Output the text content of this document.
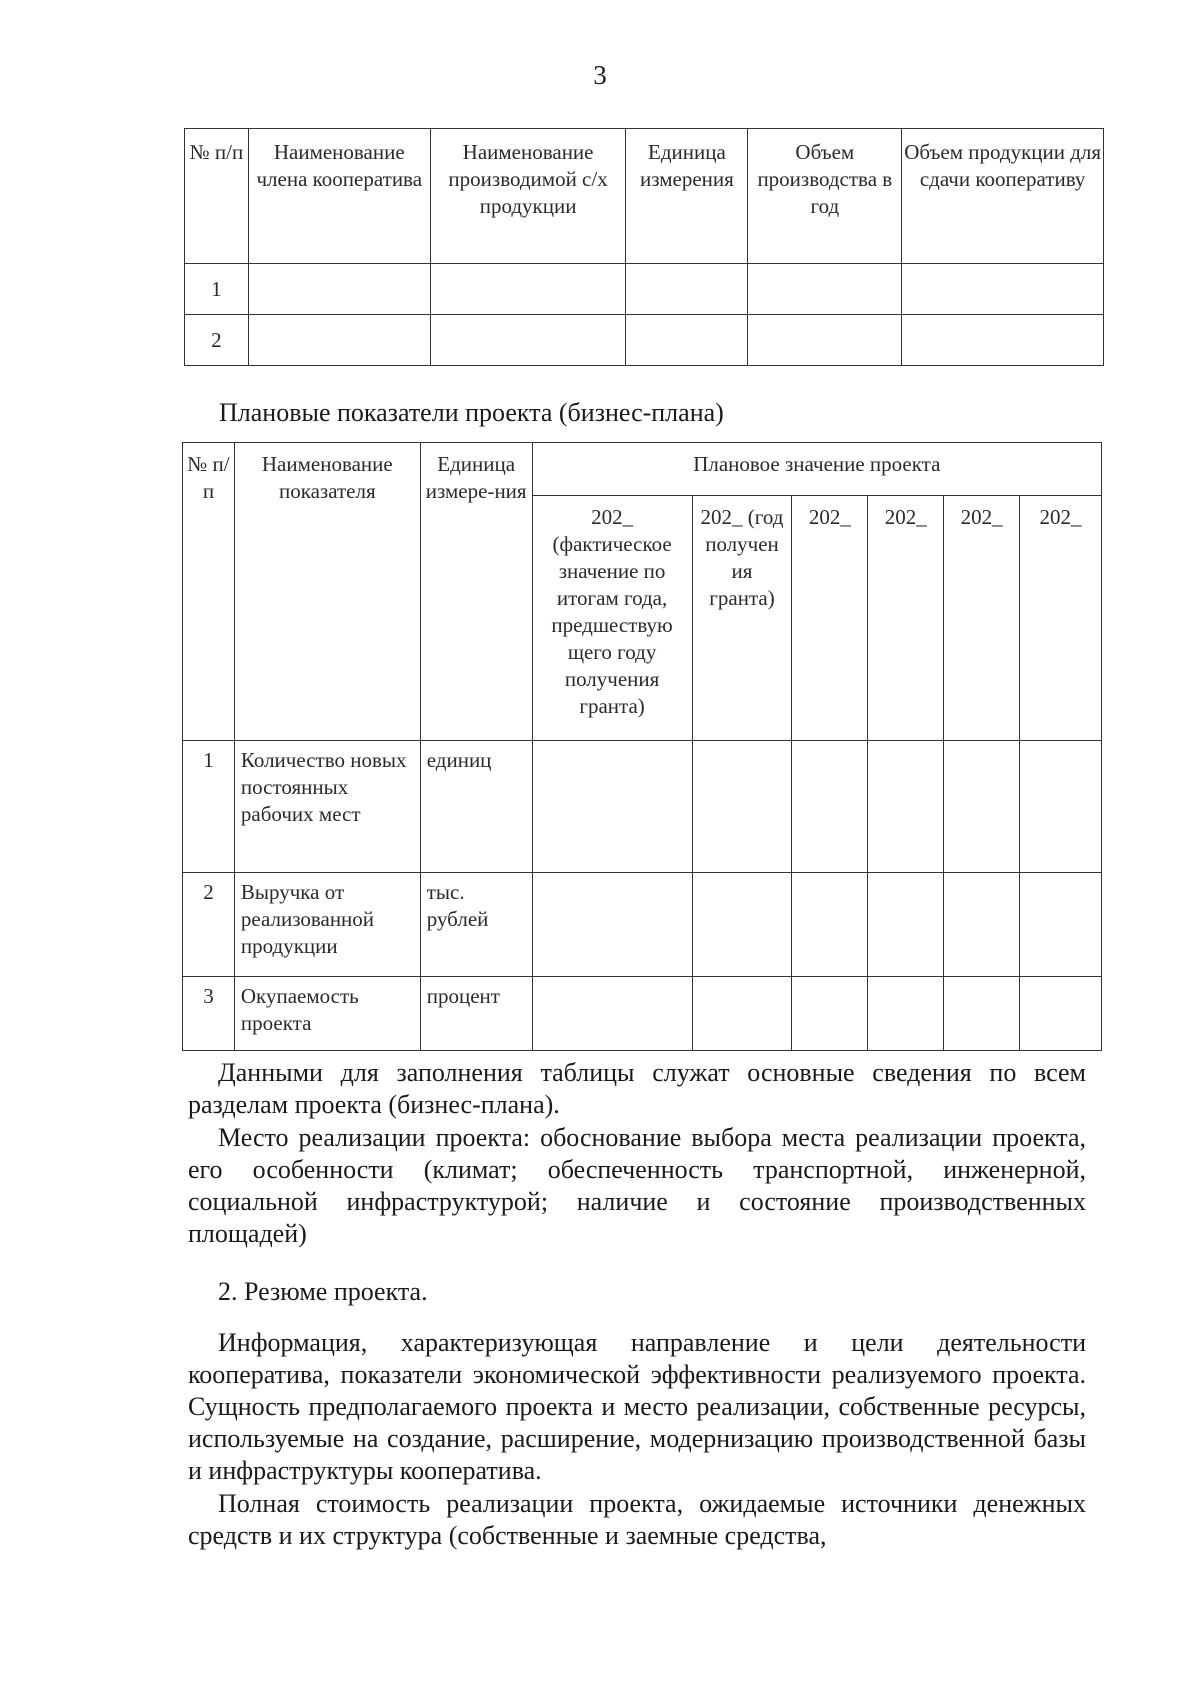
3
№ п/п	Наименование члена кооператива	Наименование производимой с/х продукции	Единица измерения	Объем производства в год	Объем продукции для сдачи кооперативу
1					
2					
Плановые показатели проекта (бизнес-плана)
№ п/п	Наименование показателя	Единица измере-ния	Плановое значение проекта					
			202_ (фактическое значение по итогам года, предшествую щего году получения гранта)	202_ (год получен ия гранта)	202_	202_	202_	202_
1	Количество новых постоянных рабочих мест	единиц						
2	Выручка от реализованной продукции	тыс. рублей						
3	Окупаемость проекта	процент						

Данными для заполнения таблицы служат основные сведения по всем разделам проекта (бизнес-плана).

Место реализации проекта: обоснование выбора места реализации проекта, его особенности (климат; обеспеченность транспортной, инженерной, социальной инфраструктурой; наличие и состояние производственных площадей)

2. Резюме проекта.

Информация, характеризующая направление и цели деятельности кооператива, показатели экономической эффективности реализуемого проекта. Сущность предполагаемого проекта и место реализации, собственные ресурсы, используемые на создание, расширение, модернизацию производственной базы и инфраструктуры кооператива.

Полная стоимость реализации проекта, ожидаемые источники денежных средств и их структура (собственные и заемные средства,
